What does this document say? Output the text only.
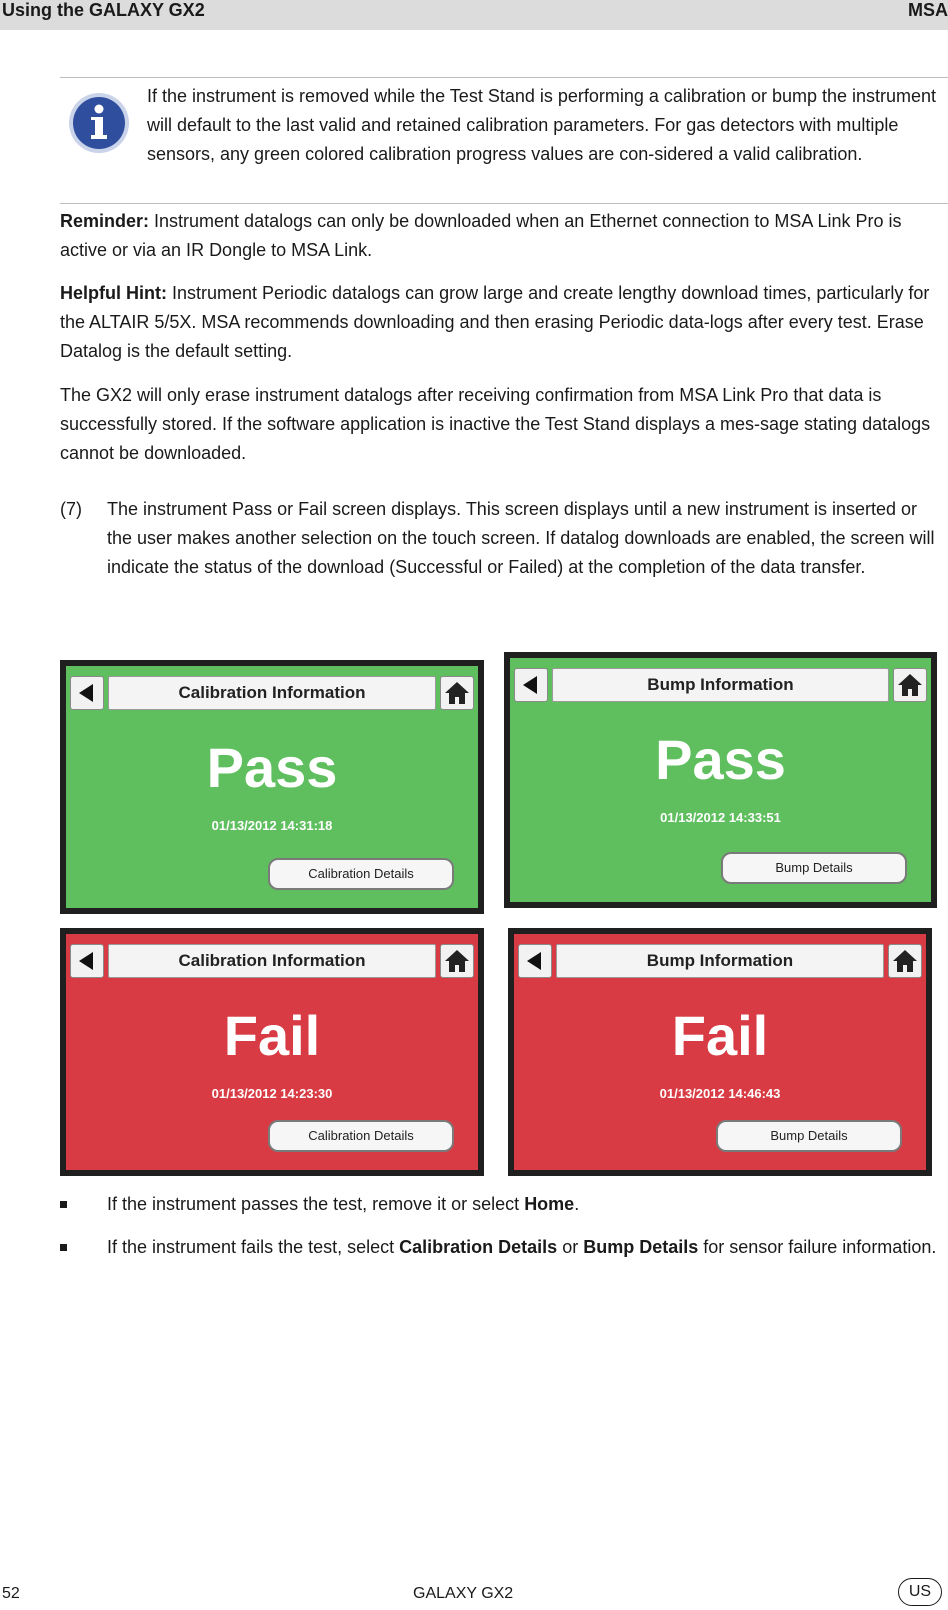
Using the GALAXY GX2	MSA
If the instrument is removed while the Test Stand is performing a calibration or bump the instrument will default to the last valid and retained calibration parameters. For gas detectors with multiple sensors, any green colored calibration progress values are con-sidered a valid calibration.
Reminder: Instrument datalogs can only be downloaded when an Ethernet connection to MSA Link Pro is active or via an IR Dongle to MSA Link.
Helpful Hint: Instrument Periodic datalogs can grow large and create lengthy download times, particularly for the ALTAIR 5/5X. MSA recommends downloading and then erasing Periodic data-logs after every test. Erase Datalog is the default setting.
The GX2 will only erase instrument datalogs after receiving confirmation from MSA Link Pro that data is successfully stored. If the software application is inactive the Test Stand displays a mes-sage stating datalogs cannot be downloaded.
(7) The instrument Pass or Fail screen displays. This screen displays until a new instrument is inserted or the user makes another selection on the touch screen. If datalog downloads are enabled, the screen will indicate the status of the download (Successful or Failed) at the completion of the data transfer.
Calibration Information
Pass
01/13/2012 14:31:18
Calibration Details
Bump Information
Pass
01/13/2012 14:33:51
Bump Details
Calibration Information
Fail
01/13/2012 14:23:30
Calibration Details
Bump Information
Fail
01/13/2012 14:46:43
Bump Details
If the instrument passes the test, remove it or select Home.
If the instrument fails the test, select Calibration Details or Bump Details for sensor failure information.
52	GALAXY GX2	US
